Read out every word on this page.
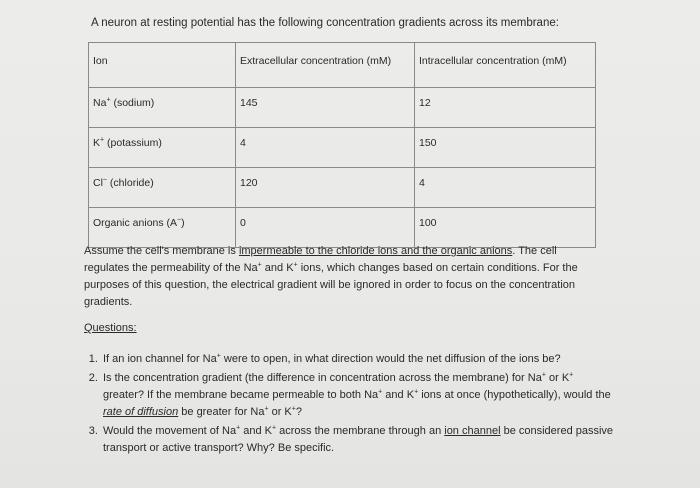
A neuron at resting potential has the following concentration gradients across its membrane:
Ion	Extracellular concentration (mM)	Intracellular concentration (mM)
Na+ (sodium)	145	12
K+ (potassium)	4	150
Cl− (chloride)	120	4
Organic anions (A−)	0	100
Assume the cell's membrane is impermeable to the chloride ions and the organic anions. The cell regulates the permeability of the Na+ and K+ ions, which changes based on certain conditions. For the purposes of this question, the electrical gradient will be ignored in order to focus on the concentration gradients.
Questions:
1. If an ion channel for Na+ were to open, in what direction would the net diffusion of the ions be?
2. Is the concentration gradient (the difference in concentration across the membrane) for Na+ or K+ greater? If the membrane became permeable to both Na+ and K+ ions at once (hypothetically), would the rate of diffusion be greater for Na+ or K+?
3. Would the movement of Na+ and K+ across the membrane through an ion channel be considered passive transport or active transport? Why? Be specific.
